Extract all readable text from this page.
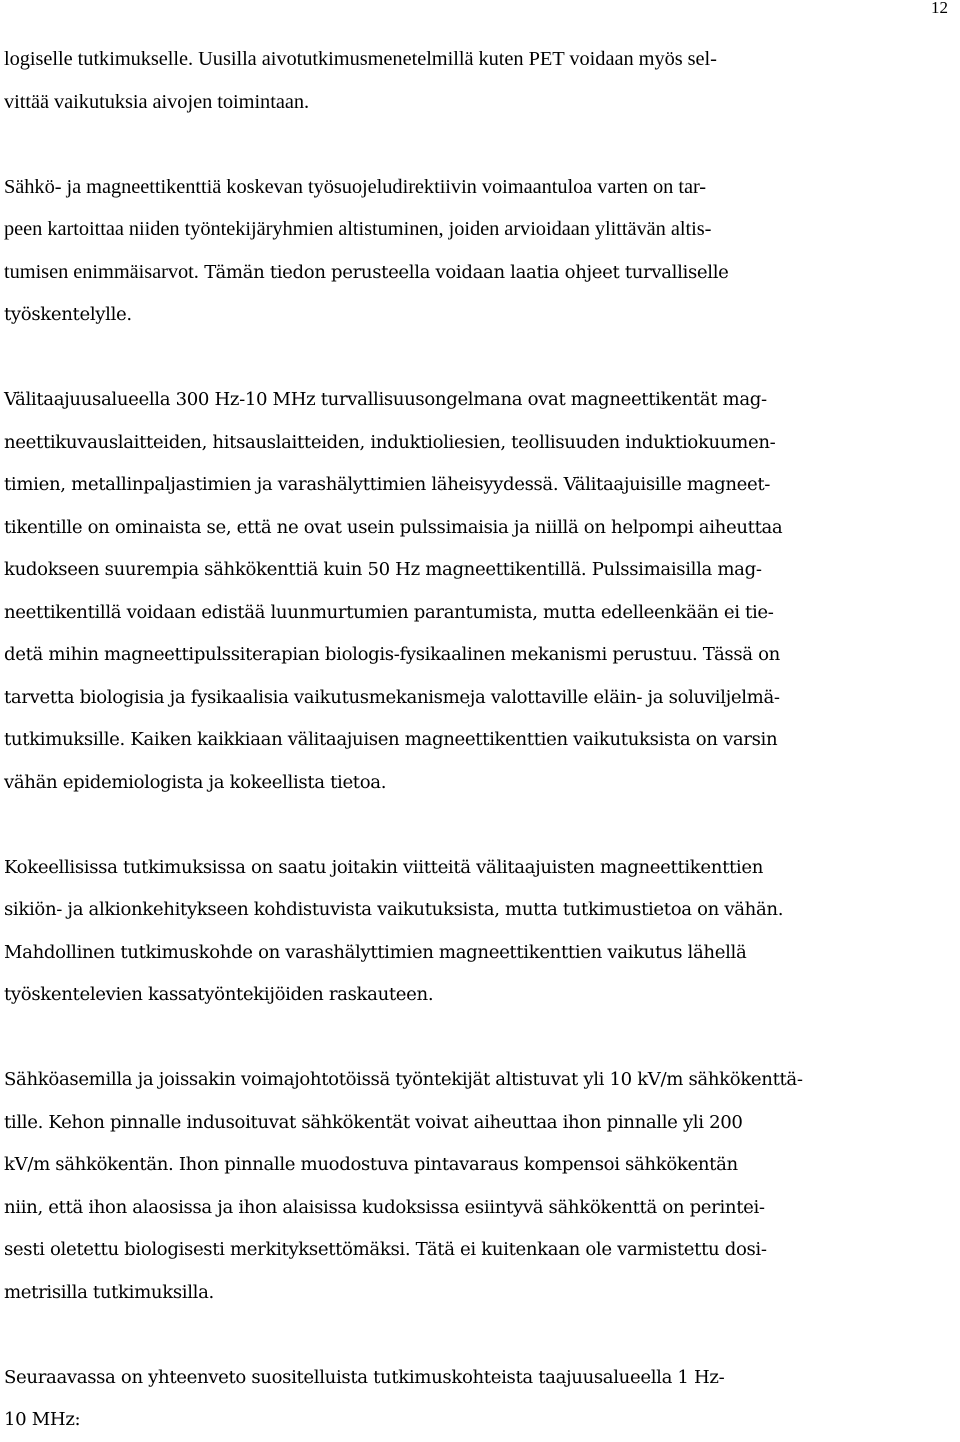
12

logiselle tutkimukselle. Uusilla aivotutkimusmenetelmillä kuten PET voidaan myös sel-
vittää vaikutuksia aivojen toimintaan.

Sähkö- ja magneettikenttiä koskevan työsuojeludirektiivin voimaantuloa varten on tar-
peen kartoittaa niiden työntekijäryhmien altistuminen, joiden arvioidaan ylittävän altis-
tumisen enimmäisarvot. Tämän tiedon perusteella voidaan laatia ohjeet turvalliselle
työskentelylle.

Välitaajuusalueella 300 Hz-10 MHz turvallisuusongelmana ovat magneettikentät mag-
neettikuvauslaitteiden, hitsauslaitteiden, induktioliesien, teollisuuden induktiokuumen-
timien, metallinpaljastimien ja varashälyttimien läheisyydessä. Välitaajuisille magneet-
tikentille on ominaista se, että ne ovat usein pulssimaisia ja niillä on helpompi aiheuttaa
kudokseen suurempia sähkökenttiä kuin 50 Hz magneettikentillä. Pulssimaisilla mag-
neettikentillä voidaan edistää luunmurtumien parantumista, mutta edelleenkään ei tie-
detä mihin magneettipulssiterapian biologis-fysikaalinen mekanismi perustuu. Tässä on
tarvetta biologisia ja fysikaalisia vaikutusmekanismeja valottaville eläin- ja soluviljelmä-
tutkimuksille. Kaiken kaikkiaan välitaajuisen magneettikenttien vaikutuksista on varsin
vähän epidemiologista ja kokeellista tietoa.

Kokeellisissa tutkimuksissa on saatu joitakin viitteitä välitaajuisten magneettikenttien
sikiön- ja alkionkehitykseen kohdistuvista vaikutuksista, mutta tutkimustietoa on vähän.
Mahdollinen tutkimuskohde on varashälyttimien magneettikenttien vaikutus lähellä
työskentelevien kassatyöntekijöiden raskauteen.

Sähköasemilla ja joissakin voimajohtotöissä työntekijät altistuvat yli 10 kV/m sähkökenttä-
tille. Kehon pinnalle indusoituvat sähkökentät voivat aiheuttaa ihon pinnalle yli 200
kV/m sähkökentän. Ihon pinnalle muodostuva pintavaraus kompensoi sähkökentän
niin, että ihon alaosissa ja ihon alaisissa kudoksissa esiintyvä sähkökenttä on perintei-
sesti oletettu biologisesti merkityksettömäksi. Tätä ei kuitenkaan ole varmistettu dosi-
metrisilla tutkimuksilla.

Seuraavassa on yhteenveto suositelluista tutkimuskohteista taajuusalueella 1 Hz-
10 MHz:
